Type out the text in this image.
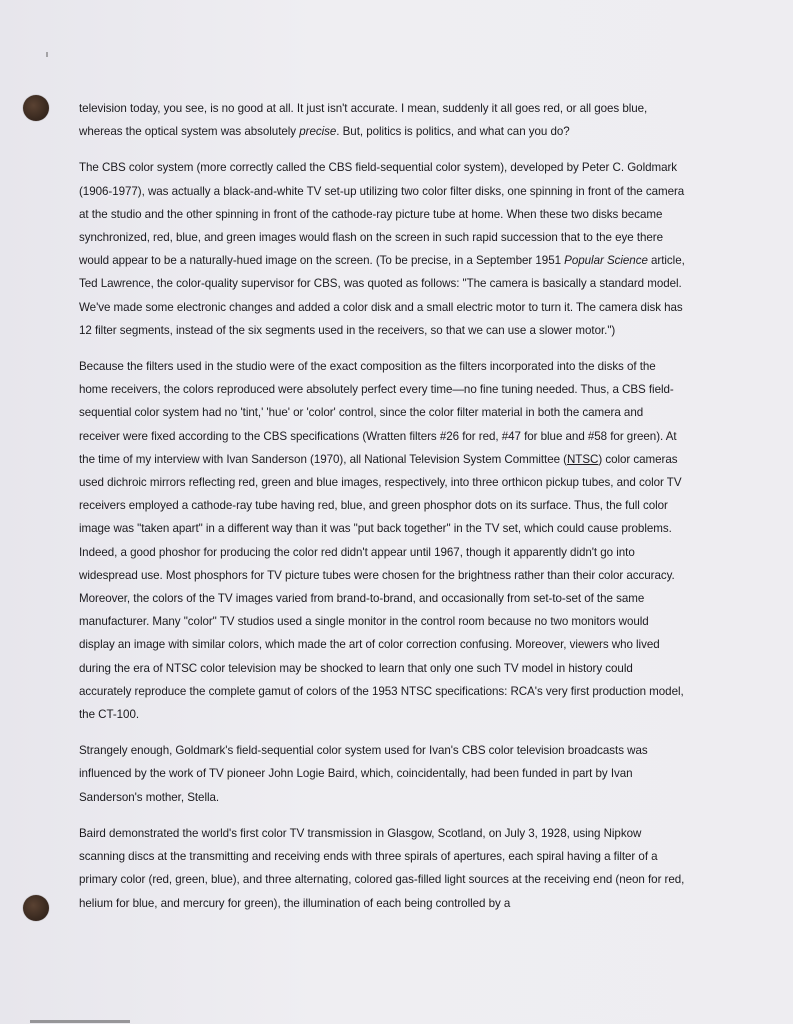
television today, you see, is no good at all. It just isn't accurate. I mean, suddenly it all goes red, or all goes blue, whereas the optical system was absolutely precise. But, politics is politics, and what can you do?

The CBS color system (more correctly called the CBS field-sequential color system), developed by Peter C. Goldmark (1906-1977), was actually a black-and-white TV set-up utilizing two color filter disks, one spinning in front of the camera at the studio and the other spinning in front of the cathode-ray picture tube at home. When these two disks became synchronized, red, blue, and green images would flash on the screen in such rapid succession that to the eye there would appear to be a naturally-hued image on the screen. (To be precise, in a September 1951 Popular Science article, Ted Lawrence, the color-quality supervisor for CBS, was quoted as follows: "The camera is basically a standard model. We've made some electronic changes and added a color disk and a small electric motor to turn it. The camera disk has 12 filter segments, instead of the six segments used in the receivers, so that we can use a slower motor.")

Because the filters used in the studio were of the exact composition as the filters incorporated into the disks of the home receivers, the colors reproduced were absolutely perfect every time—no fine tuning needed. Thus, a CBS field-sequential color system had no 'tint,' 'hue' or 'color' control, since the color filter material in both the camera and receiver were fixed according to the CBS specifications (Wratten filters #26 for red, #47 for blue and #58 for green). At the time of my interview with Ivan Sanderson (1970), all National Television System Committee (NTSC) color cameras used dichroic mirrors reflecting red, green and blue images, respectively, into three orthicon pickup tubes, and color TV receivers employed a cathode-ray tube having red, blue, and green phosphor dots on its surface. Thus, the full color image was "taken apart" in a different way than it was "put back together" in the TV set, which could cause problems. Indeed, a good phoshor for producing the color red didn't appear until 1967, though it apparently didn't go into widespread use. Most phosphors for TV picture tubes were chosen for the brightness rather than their color accuracy. Moreover, the colors of the TV images varied from brand-to-brand, and occasionally from set-to-set of the same manufacturer. Many "color" TV studios used a single monitor in the control room because no two monitors would display an image with similar colors, which made the art of color correction confusing. Moreover, viewers who lived during the era of NTSC color television may be shocked to learn that only one such TV model in history could accurately reproduce the complete gamut of colors of the 1953 NTSC specifications: RCA's very first production model, the CT-100.

Strangely enough, Goldmark's field-sequential color system used for Ivan's CBS color television broadcasts was influenced by the work of TV pioneer John Logie Baird, which, coincidentally, had been funded in part by Ivan Sanderson's mother, Stella.

Baird demonstrated the world's first color TV transmission in Glasgow, Scotland, on July 3, 1928, using Nipkow scanning discs at the transmitting and receiving ends with three spirals of apertures, each spiral having a filter of a primary color (red, green, blue), and three alternating, colored gas-filled light sources at the receiving end (neon for red, helium for blue, and mercury for green), the illumination of each being controlled by a
